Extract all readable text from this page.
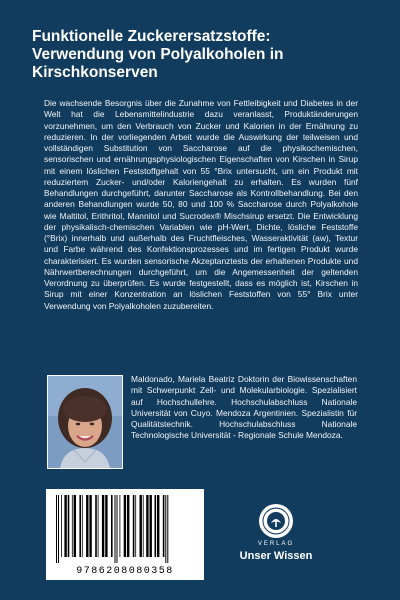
Funktionelle Zuckerersatzstoffe:
Verwendung von Polyalkoholen in
Kirschkonserven

Die wachsende Besorgnis über die Zunahme von Fettleibigkeit und Diabetes in der Welt hat die Lebensmittelindustrie dazu veranlasst, Produktänderungen vorzunehmen, um den Verbrauch von Zucker und Kalorien in der Ernährung zu reduzieren. In der vorliegenden Arbeit wurde die Auswirkung der teilweisen und vollständigen Substitution von Saccharose auf die physikochemischen, sensorischen und ernährungsphysiologischen Eigenschaften von Kirschen in Sirup mit einem löslichen Feststoffgehalt von 55 °Brix untersucht, um ein Produkt mit reduziertem Zucker- und/oder Kaloriengehalt zu erhalten. Es wurden fünf Behandlungen durchgeführt, darunter Saccharose als Kontrollbehandlung. Bei den anderen Behandlungen wurde 50, 80 und 100 % Saccharose durch Polyalkohole wie Maltitol, Erithritol, Mannitol und Sucrodex® Mischsirup ersetzt. Die Entwicklung der physikalisch-chemischen Variablen wie pH-Wert, Dichte, lösliche Feststoffe (°Brix) innerhalb und außerhalb des Fruchtfleisches, Wasseraktivität (aw), Textur und Farbe während des Konfektionsprozesses und im fertigen Produkt wurde charakterisiert. Es wurden sensorische Akzeptanztests der erhaltenen Produkte und Nährwertberechnungen durchgeführt, um die Angemessenheit der geltenden Verordnung zu überprüfen. Es wurde festgestellt, dass es möglich ist, Kirschen in Sirup mit einer Konzentration an löslichen Feststoffen von 55° Brix unter Verwendung von Polyalkoholen zuzubereiten.

Maldonado, Mariela Beatriz Doktorin der Biowissenschaften mit Schwerpunkt Zell- und Molekularbiologie. Spezialisiert auf Hochschullehre. Hochschulabschluss Nationale Universität von Cuyo. Mendoza Argentinien. Spezialistin für Qualitätstechnik. Hochschulabschluss Nationale Technologische Universität - Regionale Schule Mendoza.

9786208080358
VERLAG
Unser Wissen
